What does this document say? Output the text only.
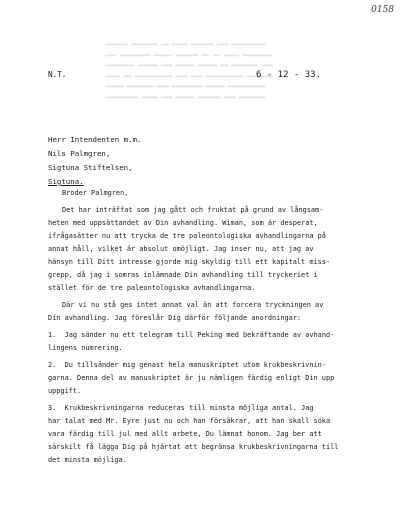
0158
▬▬▬▬▬▬ ▬▬▬▬▬▬▬ ▬▬ ▬▬▬▬ ▬▬▬▬▬▬ ▬▬▬ ▬▬▬▬▬▬▬▬▬
▬▬▬ ▬▬▬▬▬▬▬▬ ▬▬▬▬▬ ▬▬▬▬▬▬ ▬▬ ▬▬ ▬▬▬▬ ▬▬▬▬▬▬▬▬
▬▬▬▬▬▬▬▬ ▬▬▬▬▬ ▬▬▬ ▬▬▬▬▬ ▬▬▬▬▬ ▬▬ ▬▬▬▬▬▬▬ ▬▬▬
▬▬▬▬ ▬▬ ▬▬▬▬▬▬▬▬▬▬ ▬▬▬ ▬▬▬ ▬▬▬▬▬▬▬▬▬▬ ▬▬▬▬▬▬▬
▬▬▬▬▬ ▬▬▬▬▬▬▬ ▬▬▬ ▬▬▬▬▬▬▬▬ ▬▬▬▬▬ ▬▬▬▬▬▬▬▬▬▬
▬▬▬▬▬▬▬▬▬ ▬▬▬▬ ▬▬▬ ▬▬▬▬▬ ▬▬▬▬▬▬ ▬▬▬ ▬▬▬▬▬▬▬
N.T.	6 - 12 - 33.
Herr Intendenten m.m.
Nils Palmgren,
Sigtuna Stiftelsen,
Sigtuna.
Broder Palmgren,
Det har inträffat som jag gått och fruktat på grund av långsam-
heten med uppsättandet av Din avhandling. Wiman, som är desperat,
ifrågasätter nu att trycka de tre paleontologiska avhandlingarna på
annat håll, vilket är absolut omöjligt. Jag inser nu, att jag av
hänsyn till Ditt intresse gjorde mig skyldig till ett kapitalt miss-
grepp, då jag i somras inlämnade Din avhandling till tryckeriet i
stället för de tre paleontologiska avhandlingarna.
Där vi nu stå ges intet annat val än att forcera tryckningen av
Din avhandling. Jag föreslår Dig därför följande anordningar:
1. Jag sänder nu ett telegram till Peking med bekräftande av avhand-
lingens numrering.
2. Du tillsänder mig genast hela manuskriptet utom krukbeskrivnin-
garna. Denna del av manuskriptet är ju nämligen färdig enligt Din upp
uppgift.
3. Krukbeskrivningarna reduceras till minsta möjliga antal. Jag
har talat med Mr. Eyre just nu och han försäkrar, att han skall söka
vara färdig till jul med allt arbete, Du lämnat honom. Jag ber att
särskilt få lägga Dig på hjärtat att begränsa krukbeskrivningarna till
det minsta möjliga.
